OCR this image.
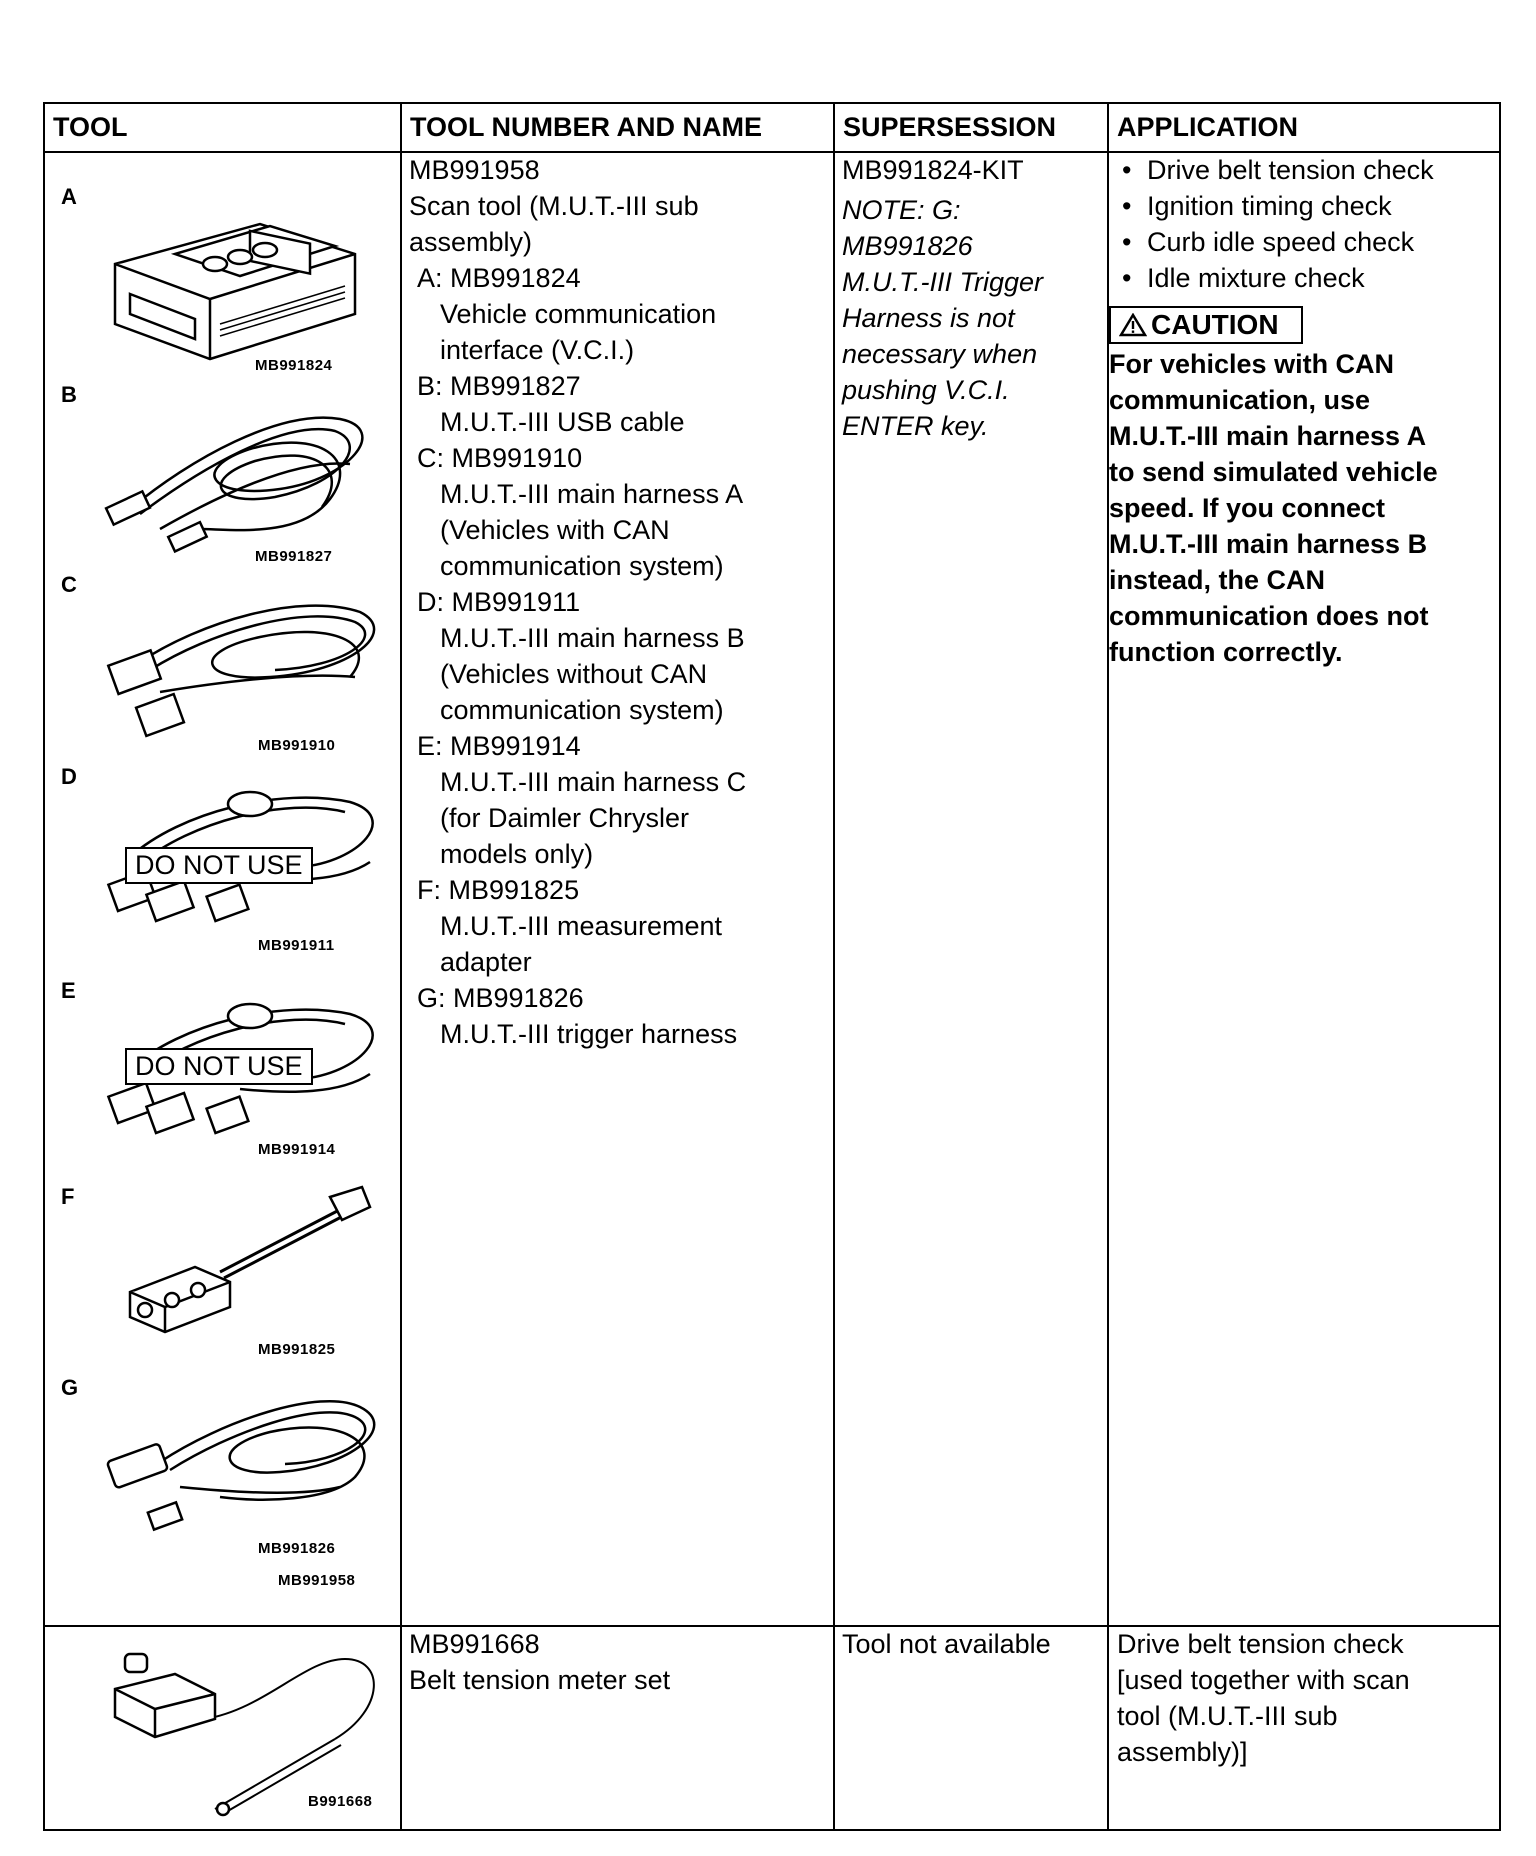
TOOL	TOOL NUMBER AND NAME	SUPERSESSION APPLICATION
A
MB991824
B
MB991827
C
MB991910
D
DO NOT USE
MB991911
E
DO NOT USE
MB991914
F
MB991825
G
MB991826
MB991958
MB991958
Scan tool (M.U.T.-III sub
assembly)
A: MB991824
Vehicle communication
interface (V.C.I.)
B: MB991827
M.U.T.-III USB cable
C: MB991910
M.U.T.-III main harness A
(Vehicles with CAN
communication system)
D: MB991911
M.U.T.-III main harness B
(Vehicles without CAN
communication system)
E: MB991914
M.U.T.-III main harness C
(for Daimler Chrysler
models only)
F: MB991825
M.U.T.-III measurement
adapter
G: MB991826
M.U.T.-III trigger harness
MB991824-KIT
NOTE: G:
MB991826
M.U.T.-III Trigger
Harness is not
necessary when
pushing V.C.I.
ENTER key.
• Drive belt tension check
• Ignition timing check
• Curb idle speed check
• Idle mixture check
CAUTION
For vehicles with CAN
communication, use
M.U.T.-III main harness A
to send simulated vehicle
speed. If you connect
M.U.T.-III main harness B
instead, the CAN
communication does not
function correctly.
B991668
MB991668
Belt tension meter set
Tool not available Drive belt tension check
[used together with scan
tool (M.U.T.-III sub
assembly)]
